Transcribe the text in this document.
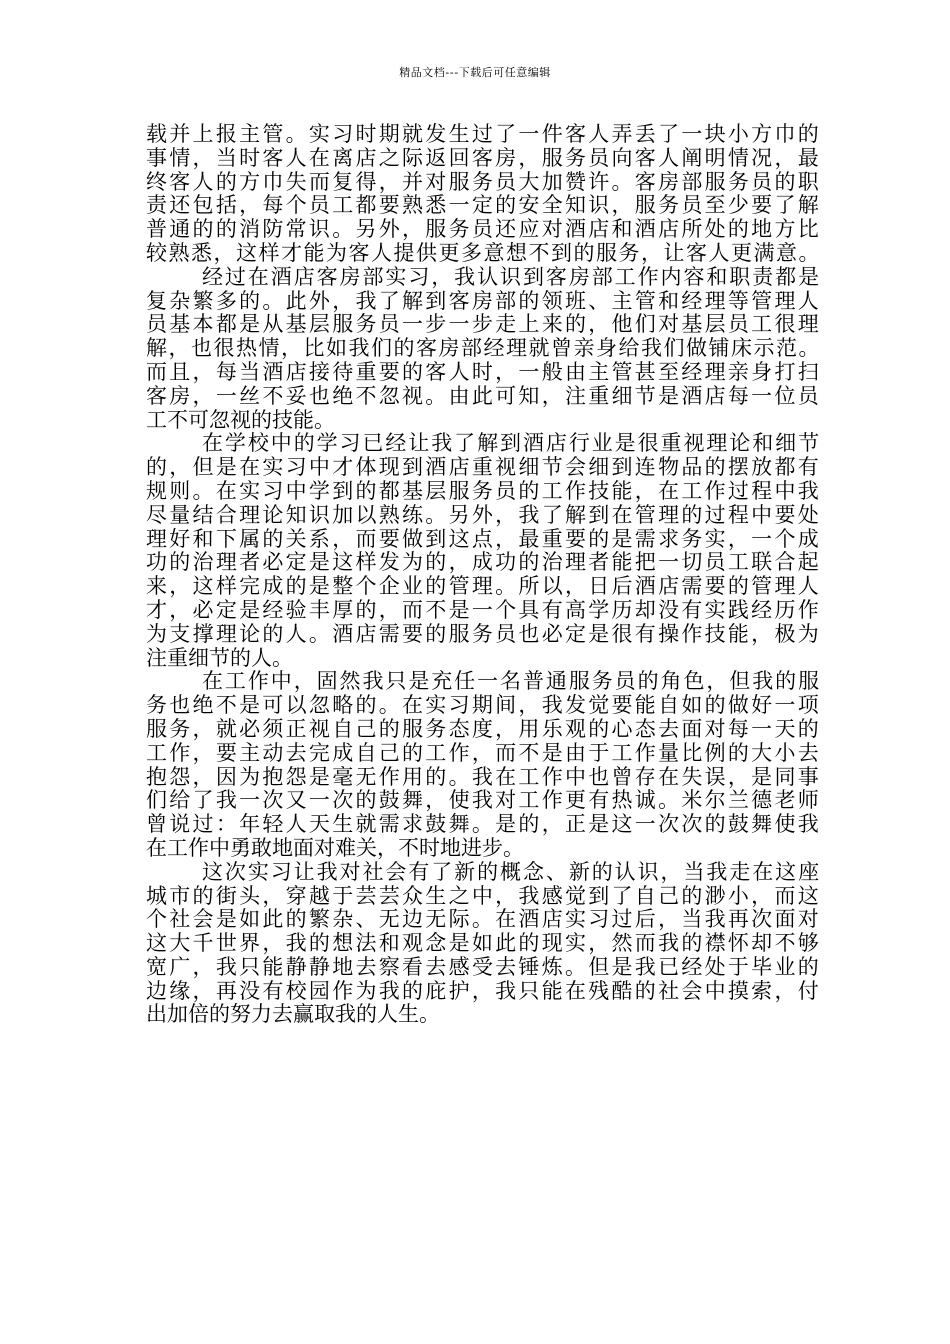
精品文档---下载后可任意编辑
载并上报主管。实习时期就发生过了一件客人弄丢了一块小方巾的
事情，当时客人在离店之际返回客房，服务员向客人阐明情况，最
终客人的方巾失而复得，并对服务员大加赞许。客房部服务员的职
责还包括，每个员工都要熟悉一定的安全知识，服务员至少要了解
普通的的消防常识。另外，服务员还应对酒店和酒店所处的地方比
较熟悉，这样才能为客人提供更多意想不到的服务，让客人更满意。
经过在酒店客房部实习，我认识到客房部工作内容和职责都是
复杂繁多的。此外，我了解到客房部的领班、主管和经理等管理人
员基本都是从基层服务员一步一步走上来的，他们对基层员工很理
解，也很热情，比如我们的客房部经理就曾亲身给我们做铺床示范。
而且，每当酒店接待重要的客人时，一般由主管甚至经理亲身打扫
客房，一丝不妥也绝不忽视。由此可知，注重细节是酒店每一位员
工不可忽视的技能。
在学校中的学习已经让我了解到酒店行业是很重视理论和细节
的，但是在实习中才体现到酒店重视细节会细到连物品的摆放都有
规则。在实习中学到的都基层服务员的工作技能，在工作过程中我
尽量结合理论知识加以熟练。另外，我了解到在管理的过程中要处
理好和下属的关系，而要做到这点，最重要的是需求务实，一个成
功的治理者必定是这样发为的，成功的治理者能把一切员工联合起
来，这样完成的是整个企业的管理。所以，日后酒店需要的管理人
才，必定是经验丰厚的，而不是一个具有高学历却没有实践经历作
为支撑理论的人。酒店需要的服务员也必定是很有操作技能，极为
注重细节的人。
在工作中，固然我只是充任一名普通服务员的角色，但我的服
务也绝不是可以忽略的。在实习期间，我发觉要能自如的做好一项
服务，就必须正视自己的服务态度，用乐观的心态去面对每一天的
工作，要主动去完成自己的工作，而不是由于工作量比例的大小去
抱怨，因为抱怨是毫无作用的。我在工作中也曾存在失误，是同事
们给了我一次又一次的鼓舞，使我对工作更有热诚。米尔兰德老师
曾说过：年轻人天生就需求鼓舞。是的，正是这一次次的鼓舞使我
在工作中勇敢地面对难关，不时地进步。
这次实习让我对社会有了新的概念、新的认识，当我走在这座
城市的街头，穿越于芸芸众生之中，我感觉到了自己的渺小，而这
个社会是如此的繁杂、无边无际。在酒店实习过后，当我再次面对
这大千世界，我的想法和观念是如此的现实，然而我的襟怀却不够
宽广，我只能静静地去察看去感受去锤炼。但是我已经处于毕业的
边缘，再没有校园作为我的庇护，我只能在残酷的社会中摸索，付
出加倍的努力去赢取我的人生。
